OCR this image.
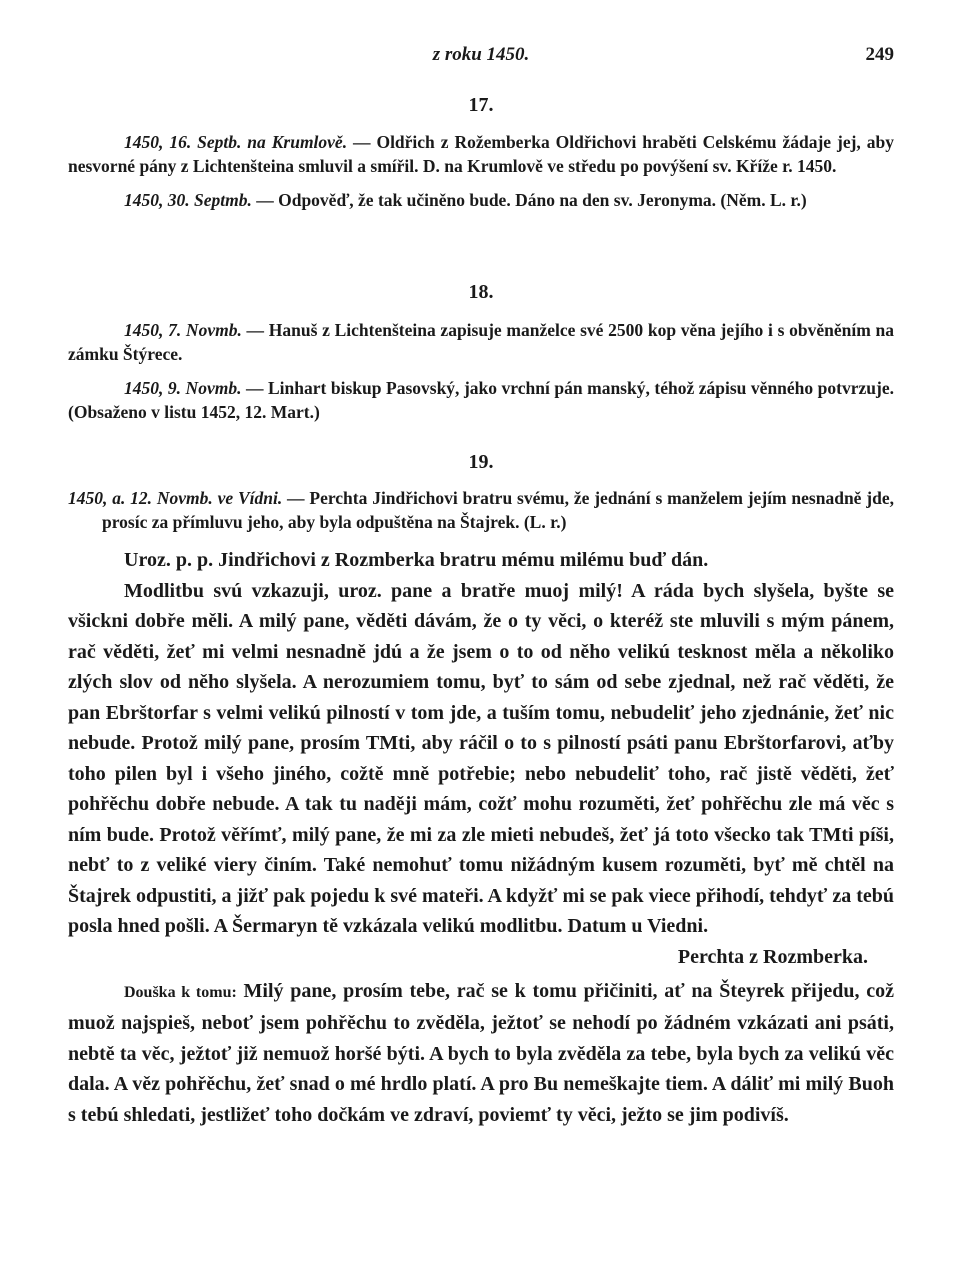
z roku 1450.	249
17.

1450, 16. Septb. na Krumlově. — Oldřich z Rožemberka Oldřichovi hraběti Celskému žádaje jej, aby nesvorné pány z Lichtenšteina smluvil a smířil. D. na Krumlově ve středu po povýšení sv. Kříže r. 1450.

1450, 30. Septmb. — Odpověď, že tak učiněno bude. Dáno na den sv. Jeronyma. (Něm. L. r.)

18.

1450, 7. Novmb. — Hanuš z Lichtenšteina zapisuje manželce své 2500 kop věna jejího i s obvěněním na zámku Štýrece.

1450, 9. Novmb. — Linhart biskup Pasovský, jako vrchní pán manský, téhož zápisu věnného potvrzuje. (Obsaženo v listu 1452, 12. Mart.)

19.

1450, a. 12. Novmb. ve Vídni. — Perchta Jindřichovi bratru svému, že jednání s manželem jejím nesnadně jde, prosíc za přímluvu jeho, aby byla odpuštěna na Štajrek. (L. r.)

Uroz. p. p. Jindřichovi z Rozmberka bratru mému milému buď dán.

Modlitbu svú vzkazuji, uroz. pane a bratře muoj milý! A ráda bych slyšela, byšte se všickni dobře měli. A milý pane, věděti dávám, že o ty věci, o kteréž ste mluvili s mým pánem, rač věděti, žeť mi velmi nesnadně jdú a že jsem o to od něho velikú tesknost měla a několiko zlých slov od něho slyšela. A nerozumiem tomu, byť to sám od sebe zjednal, než rač věděti, že pan Ebrštorfar s velmi velikú pilností v tom jde, a tuším tomu, nebudeliť jeho zjednánie, žeť nic nebude. Protož milý pane, prosím TMti, aby ráčil o to s pilností psáti panu Ebrštorfarovi, aťby toho pilen byl i všeho jiného, cožtě mně potřebie; nebo nebudeliť toho, rač jistě věděti, žeť pohřěchu dobře nebude. A tak tu naději mám, cožť mohu rozuměti, žeť pohřěchu zle má věc s ním bude. Protož věřímť, milý pane, že mi za zle mieti nebudeš, žeť já toto všecko tak TMti píši, nebť to z veliké viery činím. Také nemohuť tomu nižádným kusem rozuměti, byť mě chtěl na Štajrek odpustiti, a jižť pak pojedu k své mateři. A kdyžť mi se pak viece přihodí, tehdyť za tebú posla hned pošli. A Šermaryn tě vzkázala velikú modlitbu. Datum u Viedni.

Perchta z Rozmberka.

Douška k tomu: Milý pane, prosím tebe, rač se k tomu přičiniti, ať na Šteyrek přijedu, což muož najspieš, neboť jsem pohřěchu to zvěděla, ježtoť se nehodí po žádném vzkázati ani psáti, nebtě ta věc, ježtoť již nemuož horšé býti. A bych to byla zvěděla za tebe, byla bych za velikú věc dala. A věz pohřěchu, žeť snad o mé hrdlo platí. A pro Bu nemeškajte tiem. A dáliť mi milý Buoh s tebú shledati, jestližeť toho dočkám ve zdraví, poviemť ty věci, ježto se jim podivíš.
